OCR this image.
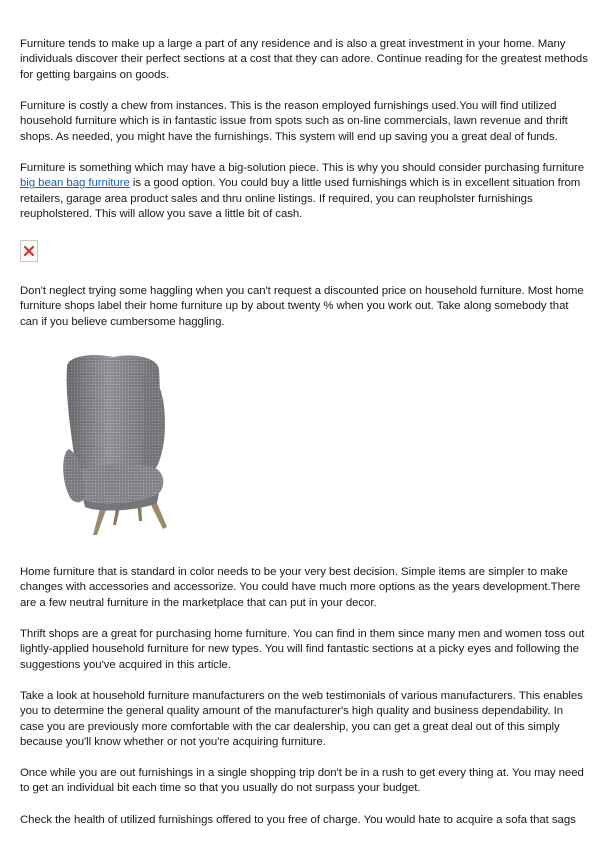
Furniture tends to make up a large a part of any residence and is also a great investment in your home. Many individuals discover their perfect sections at a cost that they can adore. Continue reading for the greatest methods for getting bargains on goods.

Furniture is costly a chew from instances. This is the reason employed furnishings used.You will find utilized household furniture which is in fantastic issue from spots such as on-line commercials, lawn revenue and thrift shops. As needed, you might have the furnishings. This system will end up saving you a great deal of funds.

Furniture is something which may have a big-solution piece. This is why you should consider purchasing furniture big bean bag furniture is a good option. You could buy a little used furnishings which is in excellent situation from retailers, garage area product sales and thru online listings. If required, you can reupholster furnishings reupholstered. This will allow you save a little bit of cash.

Don't neglect trying some haggling when you can't request a discounted price on household furniture. Most home furniture shops label their home furniture up by about twenty % when you work out. Take along somebody that can if you believe cumbersome haggling.

Home furniture that is standard in color needs to be your very best decision. Simple items are simpler to make changes with accessories and accessorize. You could have much more options as the years development.There are a few neutral furniture in the marketplace that can put in your decor.

Thrift shops are a great for purchasing home furniture. You can find in them since many men and women toss out lightly-applied household furniture for new types. You will find fantastic sections at a picky eyes and following the suggestions you've acquired in this article.

Take a look at household furniture manufacturers on the web testimonials of various manufacturers. This enables you to determine the general quality amount of the manufacturer's high quality and business dependability. In case you are previously more comfortable with the car dealership, you can get a great deal out of this simply because you'll know whether or not you're acquiring furniture.

Once while you are out furnishings in a single shopping trip don't be in a rush to get every thing at. You may need to get an individual bit each time so that you usually do not surpass your budget.

Check the health of utilized furnishings offered to you free of charge. You would hate to acquire a sofa that sags
